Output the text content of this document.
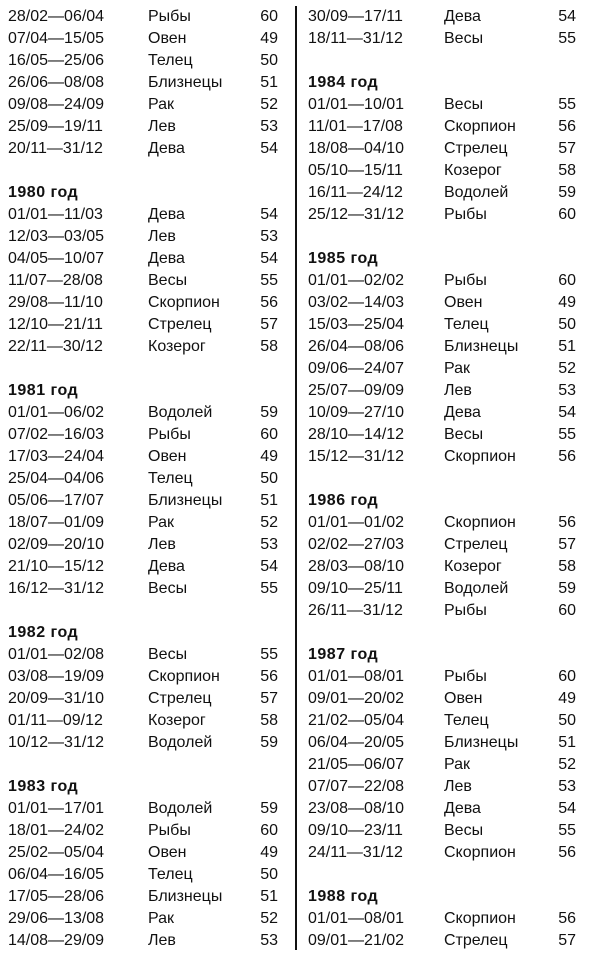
28/02—06/04	Рыбы	60
07/04—15/05	Овен	49
16/05—25/06	Телец	50
26/06—08/08	Близнецы 51
09/08—24/09	Рак	52
25/09—19/11	Лев	53
20/11—31/12	Дева	54
1980 год
01/01—11/03	Дева	54
12/03—03/05	Лев	53
04/05—10/07	Дева	54
11/07—28/08	Весы	55
29/08—11/10	Скорпион	56
12/10—21/11	Стрелец	57
22/11—30/12	Козерог	58
1981 год
01/01—06/02	Водолей	59
07/02—16/03	Рыбы	60
17/03—24/04	Овен	49
25/04—04/06	Телец	50
05/06—17/07	Близнецы 51
18/07—01/09	Рак	52
02/09—20/10	Лев	53
21/10—15/12	Дева	54
16/12—31/12	Весы	55
1982 год
01/01—02/08	Весы	55
03/08—19/09	Скорпион	56
20/09—31/10	Стрелец	57
01/11—09/12	Козерог	58
10/12—31/12	Водолей	59
1983 год
01/01—17/01	Водолей	59
18/01—24/02	Рыбы	60
25/02—05/04	Овен	49
06/04—16/05	Телец	50
17/05—28/06	Близнецы 51
29/06—13/08	Рак	52
14/08—29/09	Лев	53
30/09—17/11	Дева	54
18/11—31/12	Весы	55
1984 год
01/01—10/01 Весы	55
11/01—17/08	Скорпион	56
18/08—04/10 Стрелец	57
05/10—15/11	Козерог	58
16/11—24/12	Водолей	59
25/12—31/12 Рыбы	60
1985 год
01/01—02/02 Рыбы	60
03/02—14/03 Овен	49
15/03—25/04 Телец	50
26/04—08/06 Близнецы 51
09/06—24/07 Рак	52
25/07—09/09 Лев	53
10/09—27/10 Дева	54
28/10—14/12 Весы	55
15/12—31/12 Скорпион	56
1986 год
01/01—01/02 Скорпион	56
02/02—27/03 Стрелец	57
28/03—08/10 Козерог	58
09/10—25/11	Водолей	59
26/11—31/12	Рыбы	60
1987 год
01/01—08/01 Рыбы	60
09/01—20/02 Овен	49
21/02—05/04 Телец	50
06/04—20/05 Близнецы 51
21/05—06/07 Рак	52
07/07—22/08 Лев	53
23/08—08/10 Дева	54
09/10—23/11	Весы	55
24/11—31/12	Скорпион	56
1988 год
01/01—08/01 Скорпион	56
09/01—21/02 Стрелец	57
